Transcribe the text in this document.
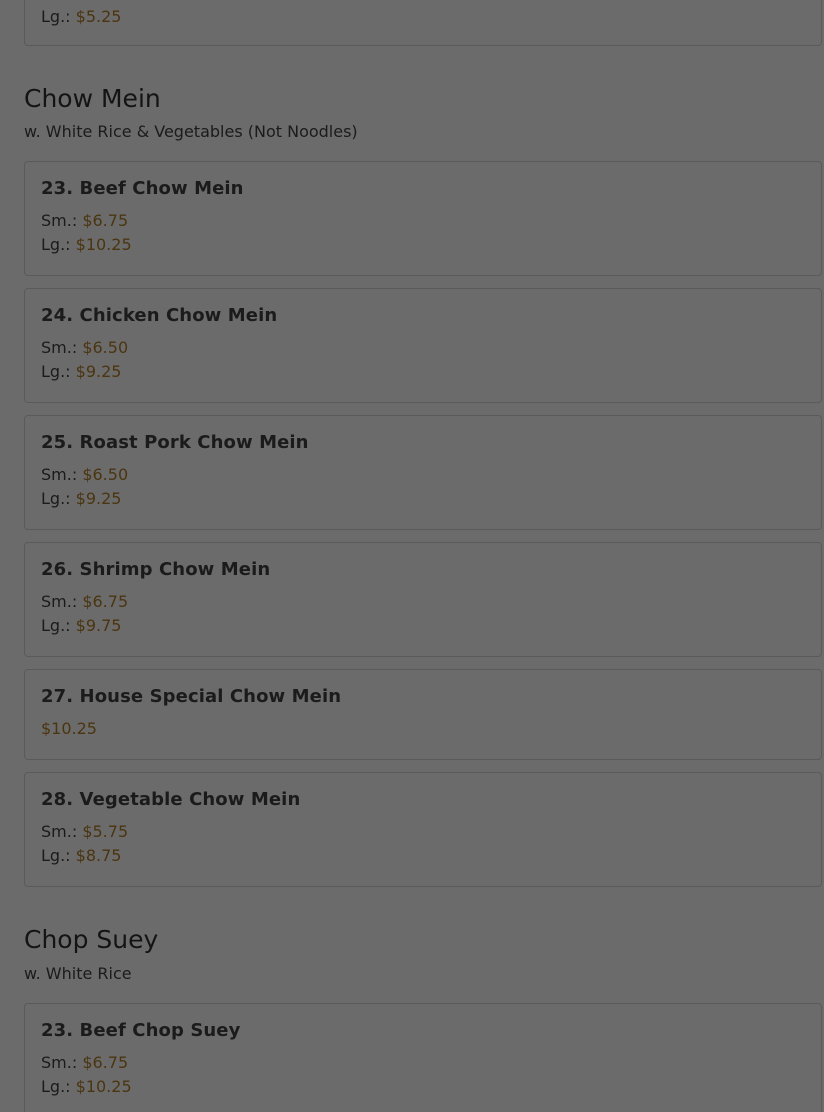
Lg.: $5.25
Chow Mein

w. White Rice & Vegetables (Not Noodles)

23. Beef Chow Mein
Sm.: $6.75
Lg.: $10.25
24. Chicken Chow Mein
Sm.: $6.50
Lg.: $9.25
25. Roast Pork Chow Mein
Sm.: $6.50
Lg.: $9.25
26. Shrimp Chow Mein
Sm.: $6.75
Lg.: $9.75
27. House Special Chow Mein
$10.25
28. Vegetable Chow Mein
Sm.: $5.75
Lg.: $8.75
Chop Suey

w. White Rice

23. Beef Chop Suey
Sm.: $6.75
Lg.: $10.25
